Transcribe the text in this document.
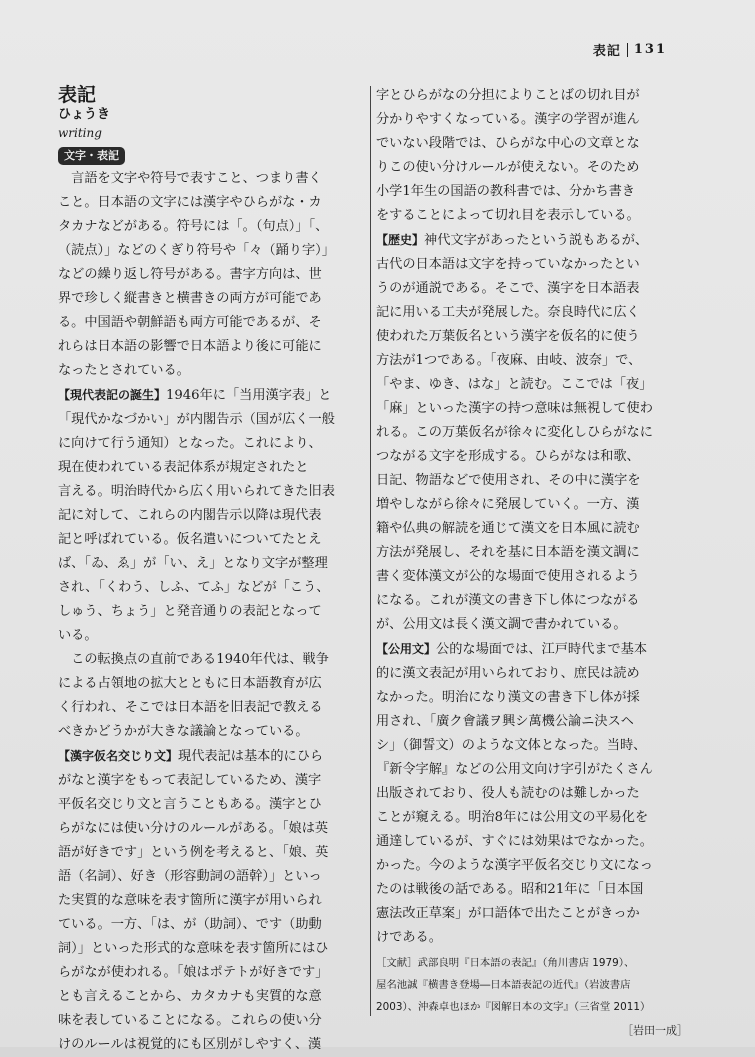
表記 131
表記
ひょうき
writing
文字・表記

　言語を文字や符号で表すこと、つまり書く
こと。日本語の文字には漢字やひらがな・カ
タカナなどがある。符号には「。（句点）」「、
（読点）」などのくぎり符号や「々（踊り字）」
などの繰り返し符号がある。書字方向は、世
界で珍しく縦書きと横書きの両方が可能であ
る。中国語や朝鮮語も両方可能であるが、そ
れらは日本語の影響で日本語より後に可能に
なったとされている。

【現代表記の誕生】1946年に「当用漢字表」と
「現代かなづかい」が内閣告示（国が広く一般
に向けて行う通知）となった。これにより、
現在使われている表記体系が規定されたと
言える。明治時代から広く用いられてきた旧表
記に対して、これらの内閣告示以降は現代表
記と呼ばれている。仮名遣いについてたとえ
ば、「ゐ、ゑ」が「い、え」となり文字が整理
され、「くわう、しふ、てふ」などが「こう、
しゅう、ちょう」と発音通りの表記となって
いる。

　この転換点の直前である1940年代は、戦争
による占領地の拡大とともに日本語教育が広
く行われ、そこでは日本語を旧表記で教える
べきかどうかが大きな議論となっている。

【漢字仮名交じり文】現代表記は基本的にひら
がなと漢字をもって表記しているため、漢字
平仮名交じり文と言うこともある。漢字とひ
らがなには使い分けのルールがある。「娘は英
語が好きです」という例を考えると、「娘、英
語（名詞）、好き（形容動詞の語幹）」といっ
た実質的な意味を表す箇所に漢字が用いられ
ている。一方、「は、が（助詞）、です（助動
詞）」といった形式的な意味を表す箇所にはひ
らがなが使われる。「娘はポテトが好きです」
とも言えることから、カタカナも実質的な意
味を表していることになる。これらの使い分
けのルールは視覚的にも区別がしやすく、漢

字とひらがなの分担によりことばの切れ目が
分かりやすくなっている。漢字の学習が進ん
でいない段階では、ひらがな中心の文章とな
りこの使い分けルールが使えない。そのため
小学1年生の国語の教科書では、分かち書き
をすることによって切れ目を表示している。

【歴史】神代文字があったという説もあるが、
古代の日本語は文字を持っていなかったとい
うのが通説である。そこで、漢字を日本語表
記に用いる工夫が発展した。奈良時代に広く
使われた万葉仮名という漢字を仮名的に使う
方法が1つである。「夜麻、由岐、波奈」で、
「やま、ゆき、はな」と読む。ここでは「夜」
「麻」といった漢字の持つ意味は無視して使わ
れる。この万葉仮名が徐々に変化しひらがなに
つながる文字を形成する。ひらがなは和歌、
日記、物語などで使用され、その中に漢字を
増やしながら徐々に発展していく。一方、漢
籍や仏典の解読を通じて漢文を日本風に読む
方法が発展し、それを基に日本語を漢文調に
書く変体漢文が公的な場面で使用されるよう
になる。これが漢文の書き下し体につながる
が、公用文は長く漢文調で書かれている。

【公用文】公的な場面では、江戸時代まで基本
的に漢文表記が用いられており、庶民は読め
なかった。明治になり漢文の書き下し体が採
用され、「廣ク會議ヲ興シ萬機公論ニ決スヘ
シ」（御誓文）のような文体となった。当時、
『新令字解』などの公用文向け字引がたくさん
出版されており、役人も読むのは難しかった
ことが窺える。明治8年には公用文の平易化を
通達しているが、すぐには効果はでなかった。
かった。今のような漢字平仮名交じり文になっ
たのは戦後の話である。昭和21年に「日本国
憲法改正草案」が口語体で出たことがきっか
けである。

［文献］武部良明『日本語の表記』（角川書店 1979）、
屋名池誠『横書き登場―日本語表記の近代』（岩波書店
2003）、沖森卓也ほか『図解日本の文字』（三省堂 2011）
［岩田一成］
